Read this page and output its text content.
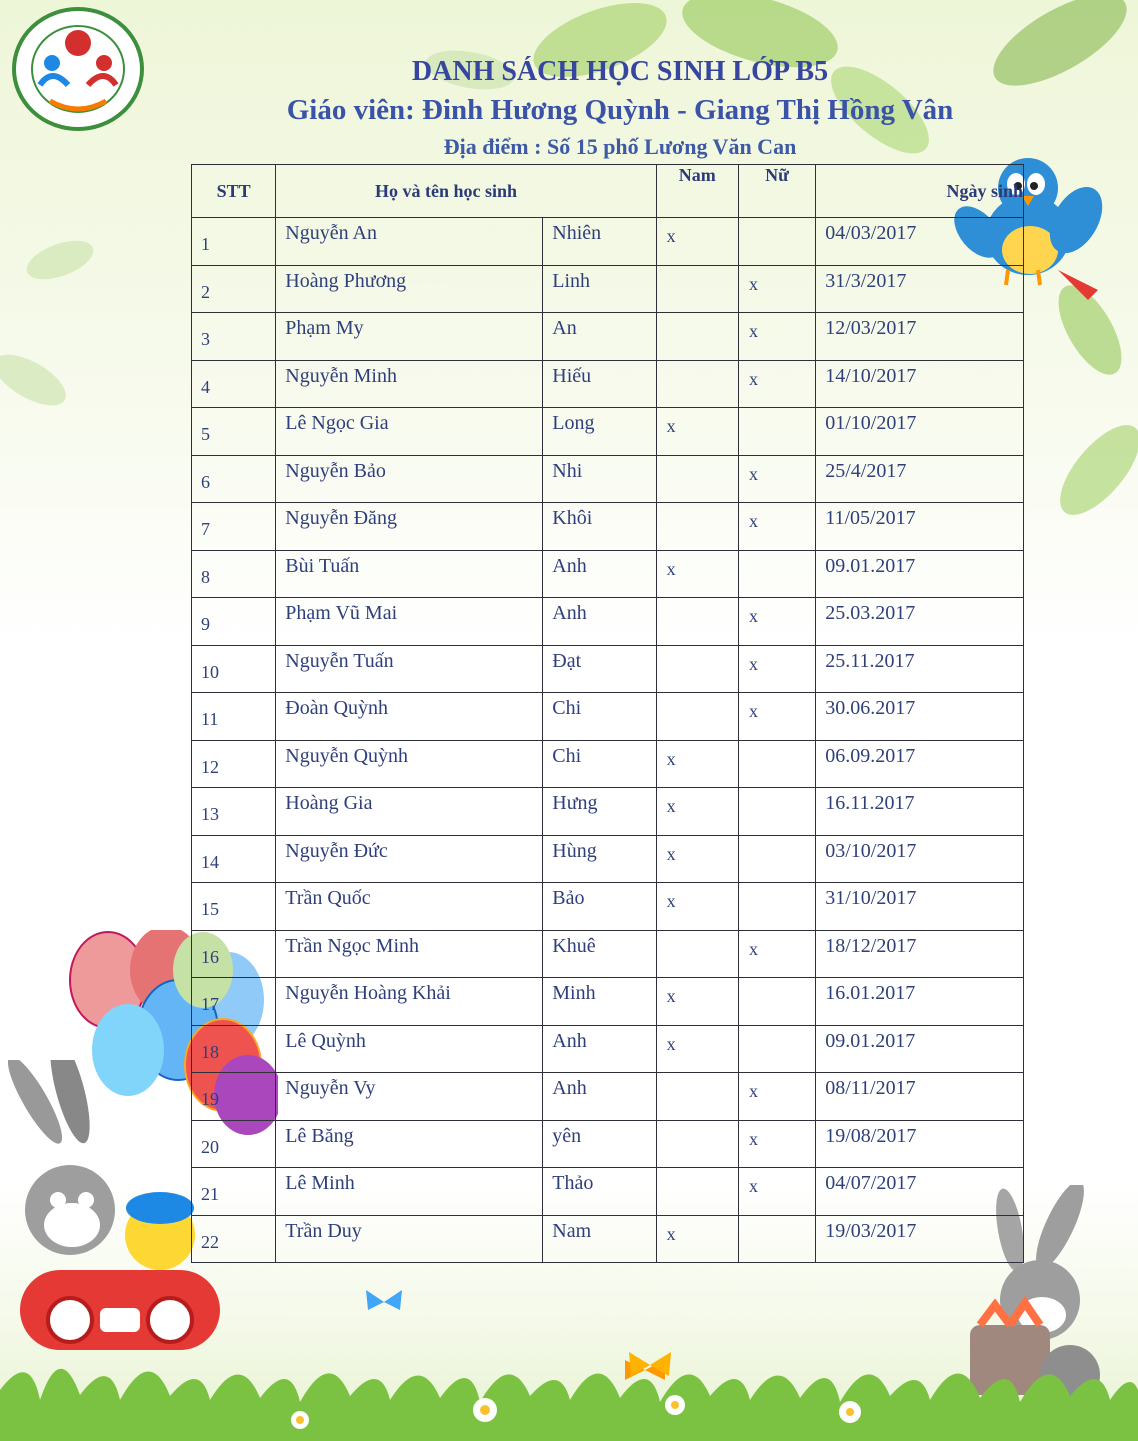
DANH SÁCH HỌC SINH LỚP B5
Giáo viên: Đinh Hương Quỳnh - Giang Thị Hồng Vân
Địa điểm : Số 15 phố Lương Văn Can
STT	Họ và tên học sinh		Nam	Nữ	Ngày sinh

1	Nguyễn An	Nhiên	x		04/03/2017

2	Hoàng Phương	Linh		x	31/3/2017

3	Phạm My	An		x	12/03/2017

4	Nguyễn Minh	Hiếu		x	14/10/2017

5	Lê Ngọc Gia	Long	x		01/10/2017

6	Nguyễn Bảo	Nhi		x	25/4/2017

7	Nguyễn Đăng	Khôi		x	11/05/2017

8	Bùi Tuấn	Anh	x		09.01.2017

9	Phạm Vũ Mai	Anh		x	25.03.2017

10	Nguyễn Tuấn	Đạt		x	25.11.2017

11	Đoàn Quỳnh	Chi		x	30.06.2017

12	Nguyễn Quỳnh	Chi	x		06.09.2017

13	Hoàng Gia	Hưng	x		16.11.2017

14	Nguyễn Đức	Hùng	x		03/10/2017

15	Trần Quốc	Bảo	x		31/10/2017

16	Trần Ngọc Minh	Khuê		x	18/12/2017

17	Nguyễn Hoàng Khải	Minh	x		16.01.2017

18	Lê Quỳnh	Anh	x		09.01.2017

19	Nguyễn Vy	Anh		x	08/11/2017

20	Lê Băng	yên		x	19/08/2017

21	Lê Minh	Thảo		x	04/07/2017

22	Trần Duy	Nam	x		19/03/2017
